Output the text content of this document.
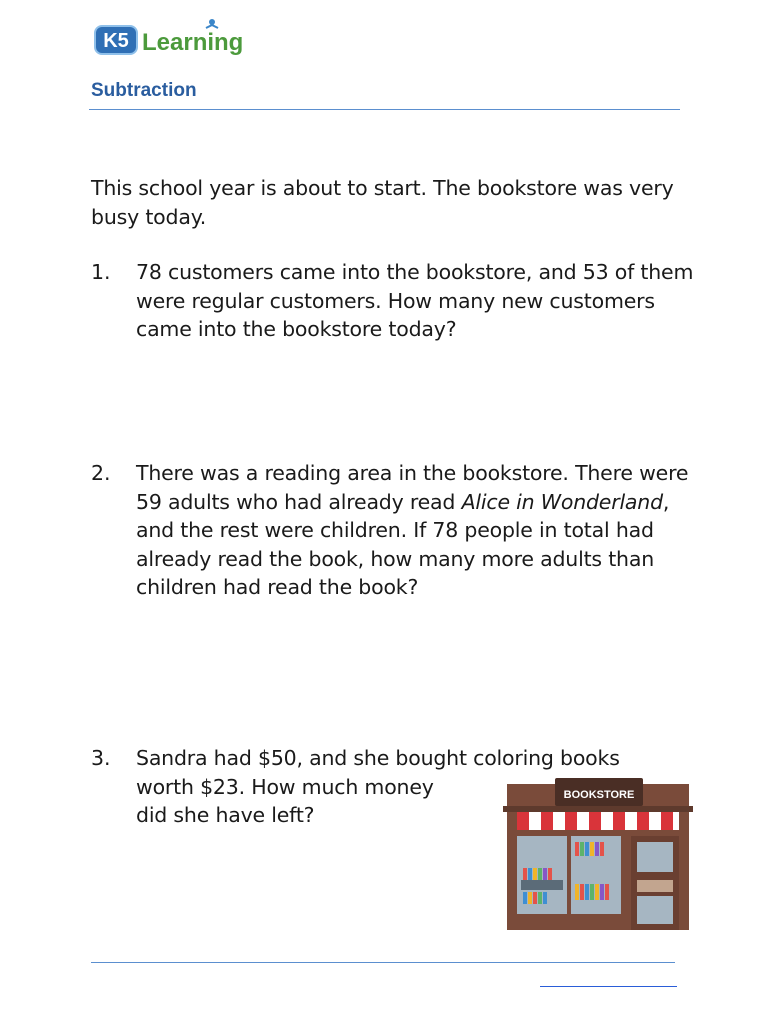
K5 Learning
Subtraction
This school year is about to start. The bookstore was very busy today.
1. 78 customers came into the bookstore, and 53 of them were regular customers. How many new customers came into the bookstore today?
2. There was a reading area in the bookstore. There were 59 adults who had already read Alice in Wonderland, and the rest were children. If 78 people in total had already read the book, how many more adults than children had read the book?
3. Sandra had $50, and she bought coloring books
worth $23. How much money
did she have left?
BOOKSTORE
